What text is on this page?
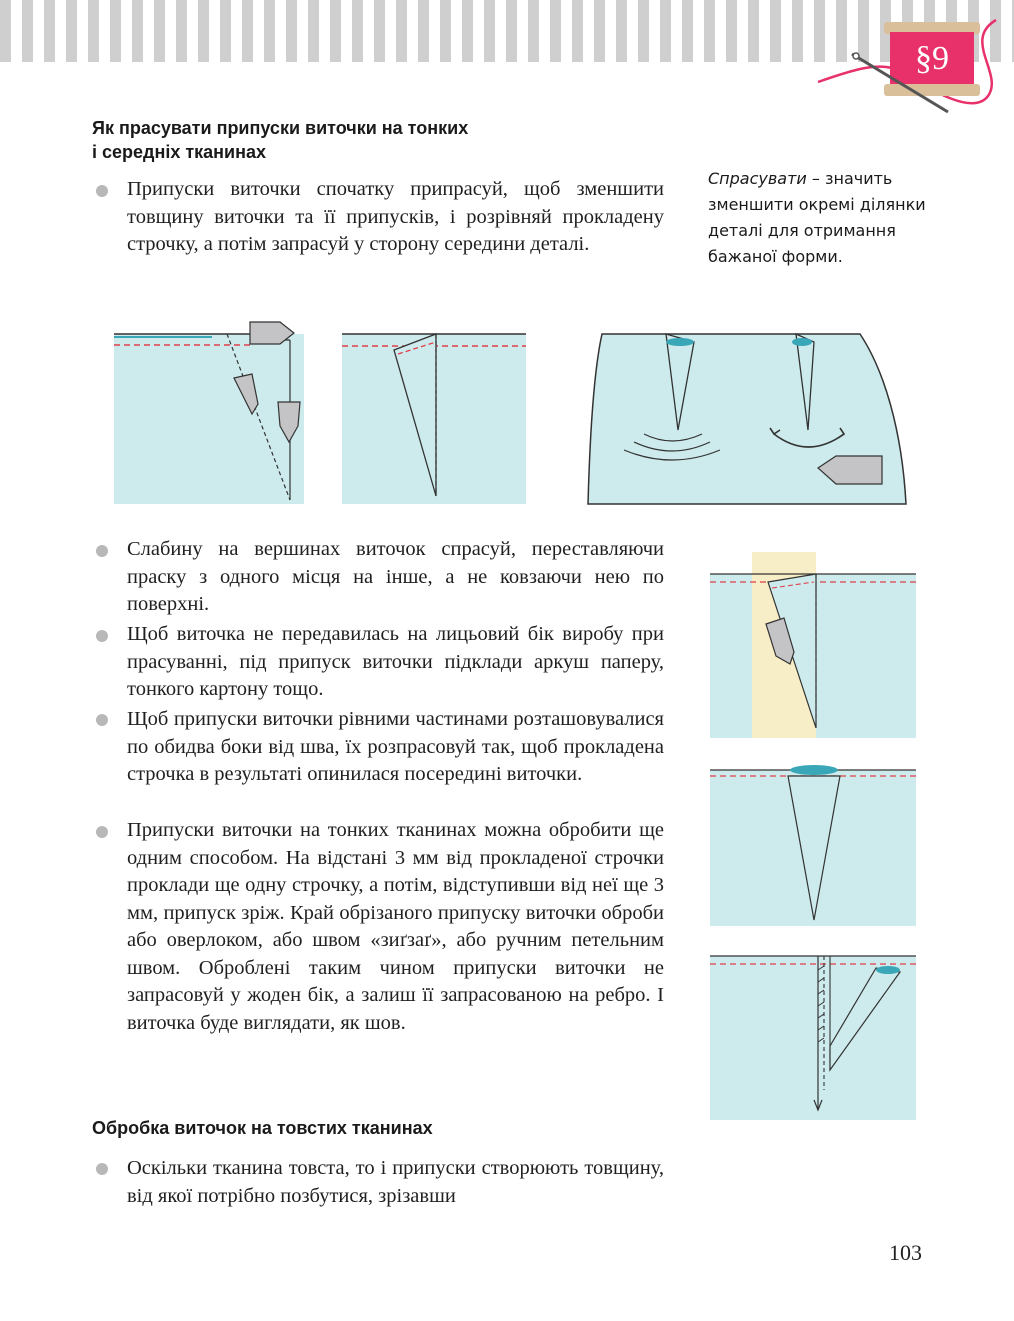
§9
Як прасувати припуски виточки на тонких
і середніх тканинах
Спрасувати – значить зменшити окремі ділянки деталі для отримання бажаної форми.
Припуски виточки спочатку припрасуй, щоб зменшити товщину виточки та її припусків, і розрівняй прокладену строчку, а потім запрасуй у сторону середини деталі.
Слабину на вершинах виточок спрасуй, переставляючи праску з одного місця на інше, а не ковзаючи нею по поверхні.
Щоб виточка не передавилась на лицьовий бік виробу при прасуванні, під припуск виточки підклади аркуш паперу, тонкого картону тощо.
Щоб припуски виточки рівними частинами розташовувалися по обидва боки від шва, їх розпрасовуй так, щоб прокладена строчка в результаті опинилася посередині виточки.
Припуски виточки на тонких тканинах можна обробити ще одним способом. На відстані 3 мм від прокладеної строчки проклади ще одну строчку, а потім, відступивши від неї ще 3 мм, припуск зріж. Край обрізаного припуску виточки оброби або оверлоком, або швом «зиґзаґ», або ручним петельним швом. Оброблені таким чином припуски виточки не запрасовуй у жоден бік, а залиш її запрасованою на ребро. І виточка буде виглядати, як шов.
Обробка виточок на товстих тканинах
Оскільки тканина товста, то і припуски створюють товщину, від якої потрібно позбутися, зрізавши
103
